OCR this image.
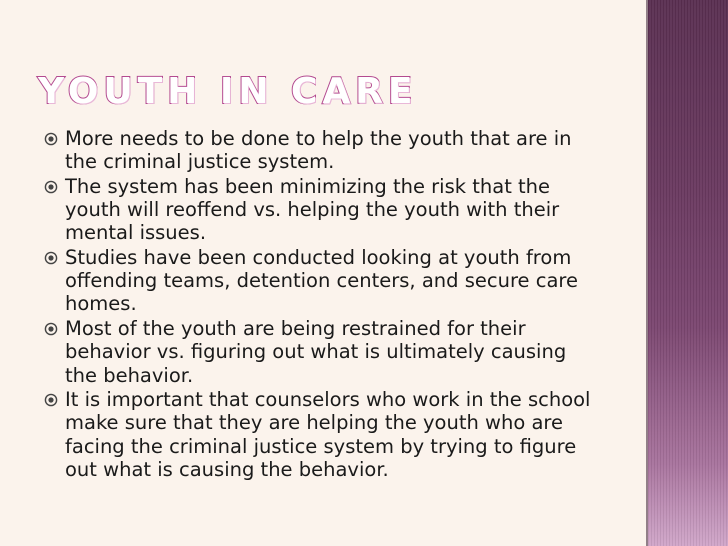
YOUTH IN CARE
More needs to be done to help the youth that are in the criminal justice system.
The system has been minimizing the risk that the youth will reoffend vs. helping the youth with their mental issues.
Studies have been conducted looking at youth from offending teams, detention centers, and secure care homes.
Most of the youth are being restrained for their behavior vs. figuring out what is ultimately causing the behavior.
It is important that counselors who work in the school make sure that they are helping the youth who are facing the criminal justice system by trying to figure out what is causing the behavior.
